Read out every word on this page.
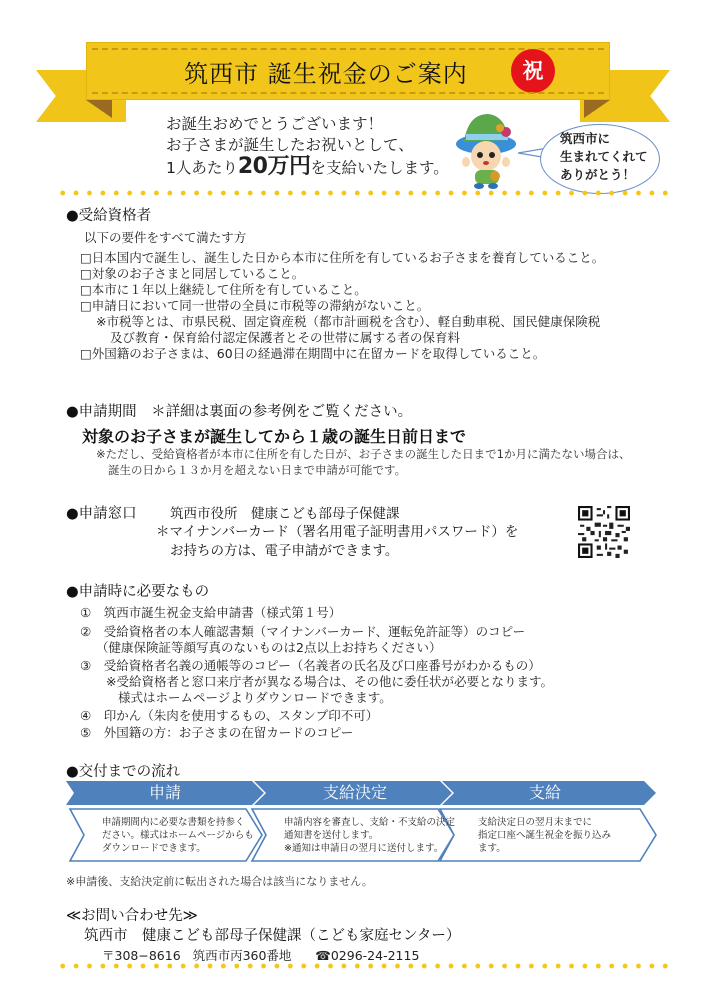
筑西市 誕生祝金のご案内	祝
お誕生おめでとうございます！
お子さまが誕生したお祝いとして、
1人あたり20万円を支給いたします。
筑西市に
生まれてくれて
ありがとう！
●受給資格者
以下の要件をすべて満たす方
□日本国内で誕生し、誕生した日から本市に住所を有しているお子さまを養育していること。
□対象のお子さまと同居していること。
□本市に１年以上継続して住所を有していること。
□申請日において同一世帯の全員に市税等の滞納がないこと。
※市税等とは、市県民税、固定資産税（都市計画税を含む）、軽自動車税、国民健康保険税
及び教育・保育給付認定保護者とその世帯に属する者の保育料
□外国籍のお子さまは、60日の経過滞在期間中に在留カードを取得していること。
●申請期間　＊詳細は裏面の参考例をご覧ください。
対象のお子さまが誕生してから１歳の誕生日前日まで
※ただし、受給資格者が本市に住所を有した日が、お子さまの誕生した日まで1か月に満たない場合は、
誕生の日から１３か月を超えない日まで申請が可能です。
●申請窓口 筑西市役所　健康こども部母子保健課
＊マイナンバーカード（署名用電子証明書用パスワード）を
お持ちの方は、電子申請ができます。
●申請時に必要なもの
①　筑西市誕生祝金支給申請書（様式第１号）
②　受給資格者の本人確認書類（マイナンバーカード、運転免許証等）のコピー
（健康保険証等顔写真のないものは2点以上お持ちください）
③　受給資格者名義の通帳等のコピー（名義者の氏名及び口座番号がわかるもの）
※受給資格者と窓口来庁者が異なる場合は、その他に委任状が必要となります。
様式はホームページよりダウンロードできます。
④　印かん（朱肉を使用するもの、スタンプ印不可）
⑤　外国籍の方：お子さまの在留カードのコピー
●交付までの流れ
申請	支給決定	支給
申請期間内に必要な書類を持参く
ださい。様式はホームページからも
ダウンロードできます。
申請内容を審査し、支給・不支給の決定
通知書を送付します。
※通知は申請日の翌月に送付します。
支給決定日の翌月末までに
指定口座へ誕生祝金を振り込み
ます。
※申請後、支給決定前に転出された場合は該当になりません。
≪お問い合わせ先≫
筑西市　健康こども部母子保健課（こども家庭センター）
〒308−8616 筑西市丙360番地 ☎0296-24-2115
